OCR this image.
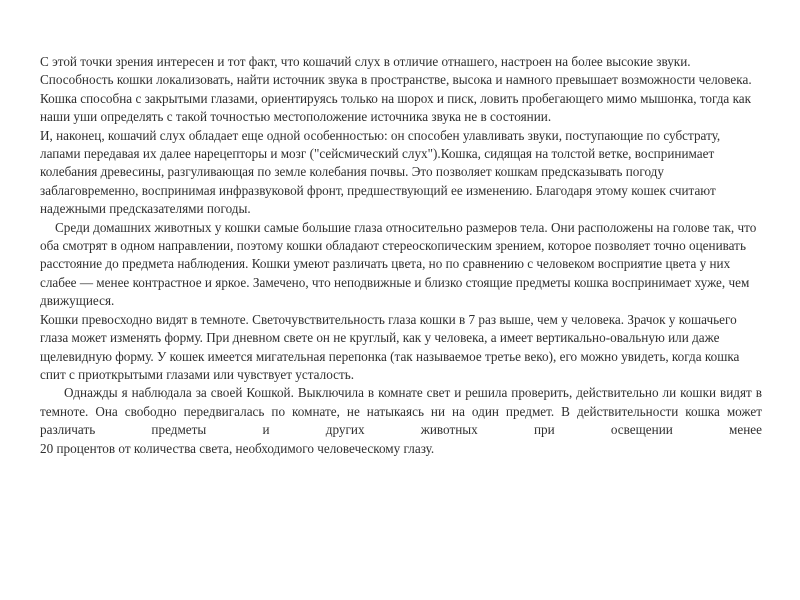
С этой точки зрения интересен и тот факт, что кошачий слух в отличие отнашего, настроен на более высокие звуки.

Способность кошки локализовать, найти источник звука в пространстве, высока и намного превышает возможности человека. Кошка способна с закрытыми глазами, ориентируясь только на шорох и писк, ловить пробегающего мимо мышонка, тогда как наши уши определять с такой точностью местоположение источника звука не в состоянии.

И, наконец, кошачий слух обладает еще одной особенностью: он способен улавливать звуки, поступающие по субстрату, лапами передавая их далее нарецепторы и мозг ("сейсмический слух").Кошка, сидящая на толстой ветке, воспринимает колебания древесины, разгуливающая по земле колебания почвы. Это позволяет кошкам предсказывать погоду заблаговременно, воспринимая инфразвуковой фронт, предшествующий ее изменению. Благодаря этому кошек считают надежными предсказателями погоды.

Среди домашних животных у кошки самые большие глаза относительно размеров тела. Они расположены на голове так, что оба смотрят в одном направлении, поэтому кошки обладают стереоскопическим зрением, которое позволяет точно оценивать расстояние до предмета наблюдения. Кошки умеют различать цвета, но по сравнению с человеком восприятие цвета у них слабее — менее контрастное и яркое. Замечено, что неподвижные и близко стоящие предметы кошка воспринимает хуже, чем движущиеся.

Кошки превосходно видят в темноте. Светочувствительность глаза кошки в 7 раз выше, чем у человека. Зрачок у кошачьего глаза может изменять форму. При дневном свете он не круглый, как у человека, а имеет вертикально-овальную или даже щелевидную форму. У кошек имеется мигательная перепонка (так называемое третье веко), его можно увидеть, когда кошка спит с приоткрытыми глазами или чувствует усталость.

Однажды я наблюдала за своей Кошкой. Выключила в комнате свет и решила проверить, действительно ли кошки видят в темноте. Она свободно передвигалась по комнате, не натыкаясь ни на один предмет. В действительности кошка может различать предметы и других животных при освещении менее

20 процентов от количества света, необходимого человеческому глазу.
